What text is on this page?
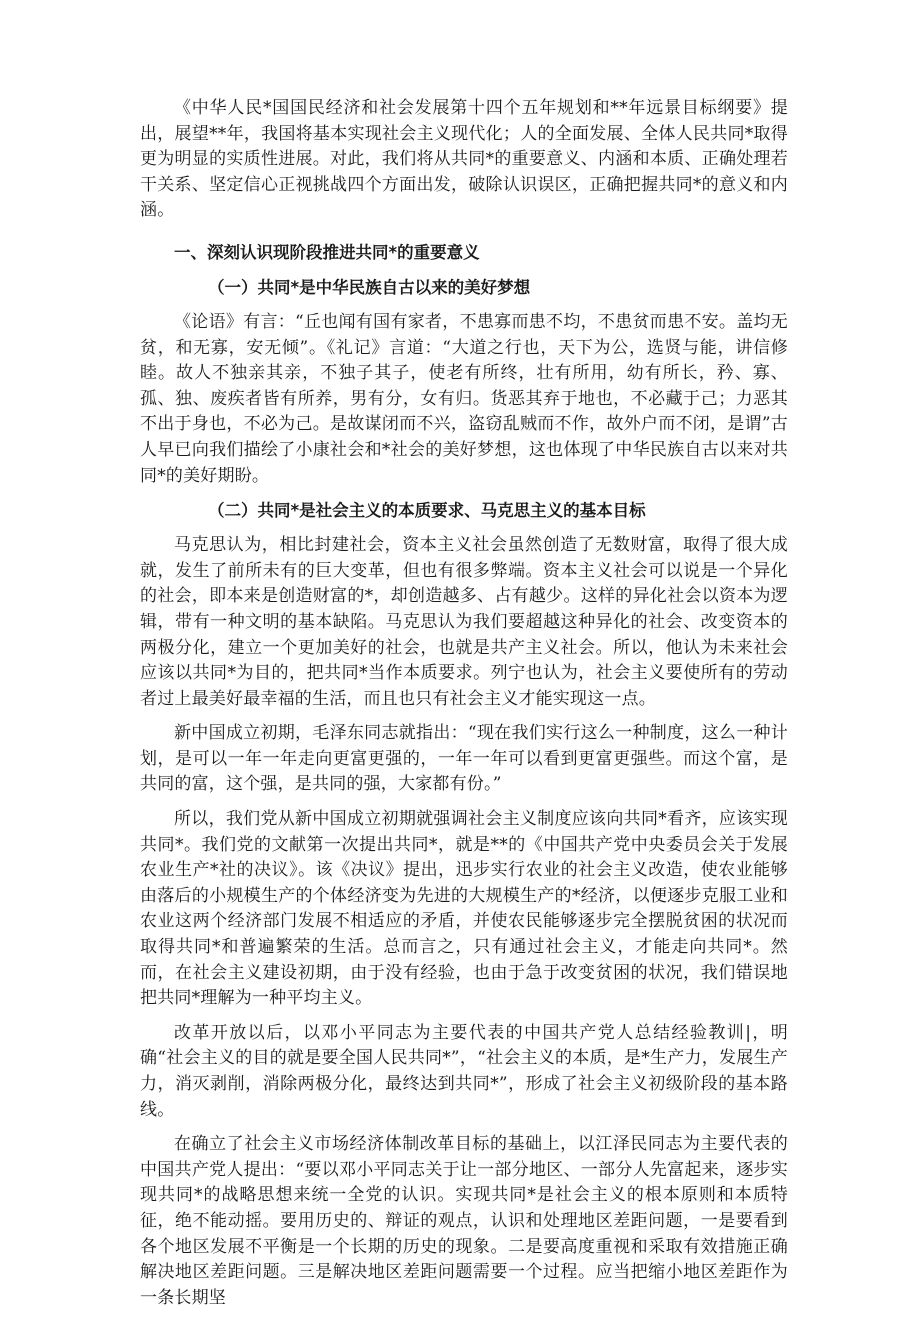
《中华人民*国国民经济和社会发展第十四个五年规划和**年远景目标纲要》提出，展望**年，我国将基本实现社会主义现代化；人的全面发展、全体人民共同*取得更为明显的实质性进展。对此，我们将从共同*的重要意义、内涵和本质、正确处理若干关系、坚定信心正视挑战四个方面出发，破除认识误区，正确把握共同*的意义和内涵。

一、深刻认识现阶段推进共同*的重要意义
（一）共同*是中华民族自古以来的美好梦想

《论语》有言：“丘也闻有国有家者，不患寡而患不均，不患贫而患不安。盖均无贫，和无寡，安无倾”。《礼记》言道：“大道之行也，天下为公，选贤与能，讲信修睦。故人不独亲其亲，不独子其子，使老有所终，壮有所用，幼有所长，矜、寡、孤、独、废疾者皆有所养，男有分，女有归。货恶其弃于地也，不必藏于己；力恶其不出于身也，不必为己。是故谋闭而不兴，盗窃乱贼而不作，故外户而不闭，是谓”古人早已向我们描绘了小康社会和*社会的美好梦想，这也体现了中华民族自古以来对共同*的美好期盼。

（二）共同*是社会主义的本质要求、马克思主义的基本目标

马克思认为，相比封建社会，资本主义社会虽然创造了无数财富，取得了很大成就，发生了前所未有的巨大变革，但也有很多弊端。资本主义社会可以说是一个异化的社会，即本来是创造财富的*，却创造越多、占有越少。这样的异化社会以资本为逻辑，带有一种文明的基本缺陷。马克思认为我们要超越这种异化的社会、改变资本的两极分化，建立一个更加美好的社会，也就是共产主义社会。所以，他认为未来社会应该以共同*为目的，把共同*当作本质要求。列宁也认为，社会主义要使所有的劳动者过上最美好最幸福的生活，而且也只有社会主义才能实现这一点。

新中国成立初期，毛泽东同志就指出：“现在我们实行这么一种制度，这么一种计划，是可以一年一年走向更富更强的，一年一年可以看到更富更强些。而这个富，是共同的富，这个强，是共同的强，大家都有份。”

所以，我们党从新中国成立初期就强调社会主义制度应该向共同*看齐，应该实现共同*。我们党的文献第一次提出共同*，就是**的《中国共产党中央委员会关于发展农业生产*社的决议》。该《决议》提出，迅步实行农业的社会主义改造，使农业能够由落后的小规模生产的个体经济变为先进的大规模生产的*经济，以便逐步克服工业和农业这两个经济部门发展不相适应的矛盾，并使农民能够逐步完全摆脱贫困的状况而取得共同*和普遍繁荣的生活。总而言之，只有通过社会主义，才能走向共同*。然而，在社会主义建设初期，由于没有经验，也由于急于改变贫困的状况，我们错误地把共同*理解为一种平均主义。

改革开放以后，以邓小平同志为主要代表的中国共产党人总结经验教训|，明确“社会主义的目的就是要全国人民共同*”，“社会主义的本质，是*生产力，发展生产力，消灭剥削，消除两极分化，最终达到共同*”，形成了社会主义初级阶段的基本路线。

在确立了社会主义市场经济体制改革目标的基础上，以江泽民同志为主要代表的中国共产党人提出：“要以邓小平同志关于让一部分地区、一部分人先富起来，逐步实现共同*的战略思想来统一全党的认识。实现共同*是社会主义的根本原则和本质特征，绝不能动摇。要用历史的、辩证的观点，认识和处理地区差距问题，一是要看到各个地区发展不平衡是一个长期的历史的现象。二是要高度重视和采取有效措施正确解决地区差距问题。三是解决地区差距问题需要一个过程。应当把缩小地区差距作为一条长期坚
